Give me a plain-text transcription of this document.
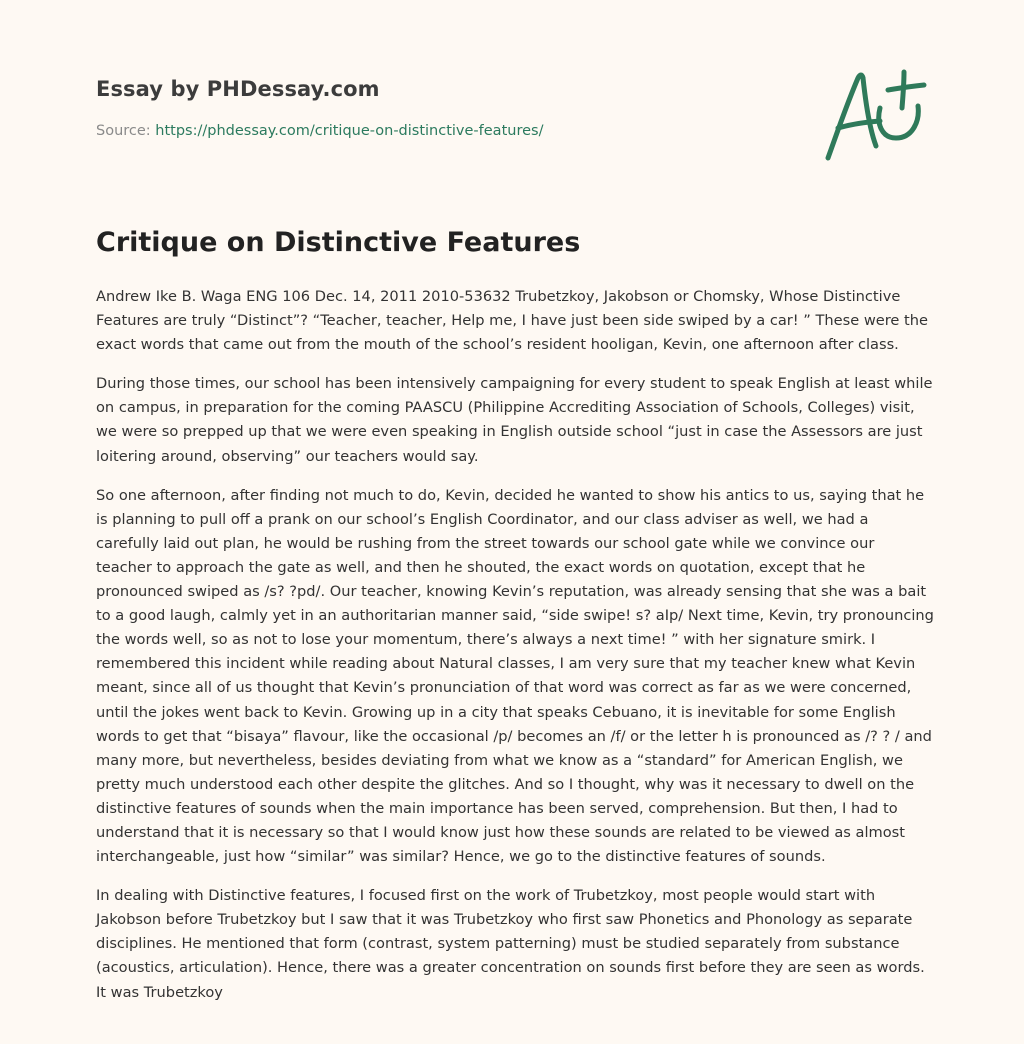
Essay by PHDessay.com
Source: https://phdessay.com/critique-on-distinctive-features/
Critique on Distinctive Features

Andrew Ike B. Waga ENG 106 Dec. 14, 2011 2010-53632 Trubetzkoy, Jakobson or Chomsky, Whose Distinctive Features are truly “Distinct”? “Teacher, teacher, Help me, I have just been side swiped by a car! ” These were the exact words that came out from the mouth of the school’s resident hooligan, Kevin, one afternoon after class.

During those times, our school has been intensively campaigning for every student to speak English at least while on campus, in preparation for the coming PAASCU (Philippine Accrediting Association of Schools, Colleges) visit, we were so prepped up that we were even speaking in English outside school “just in case the Assessors are just loitering around, observing” our teachers would say.

So one afternoon, after finding not much to do, Kevin, decided he wanted to show his antics to us, saying that he is planning to pull off a prank on our school’s English Coordinator, and our class adviser as well, we had a carefully laid out plan, he would be rushing from the street towards our school gate while we convince our teacher to approach the gate as well, and then he shouted, the exact words on quotation, except that he pronounced swiped as /s? ?pd/. Our teacher, knowing Kevin’s reputation, was already sensing that she was a bait to a good laugh, calmly yet in an authoritarian manner said, “side swipe! s? aIp/ Next time, Kevin, try pronouncing the words well, so as not to lose your momentum, there’s always a next time! ” with her signature smirk. I remembered this incident while reading about Natural classes, I am very sure that my teacher knew what Kevin meant, since all of us thought that Kevin’s pronunciation of that word was correct as far as we were concerned, until the jokes went back to Kevin. Growing up in a city that speaks Cebuano, it is inevitable for some English words to get that “bisaya” flavour, like the occasional /p/ becomes an /f/ or the letter h is pronounced as /? ? / and many more, but nevertheless, besides deviating from what we know as a “standard” for American English, we pretty much understood each other despite the glitches. And so I thought, why was it necessary to dwell on the distinctive features of sounds when the main importance has been served, comprehension. But then, I had to understand that it is necessary so that I would know just how these sounds are related to be viewed as almost interchangeable, just how “similar” was similar? Hence, we go to the distinctive features of sounds.

In dealing with Distinctive features, I focused first on the work of Trubetzkoy, most people would start with Jakobson before Trubetzkoy but I saw that it was Trubetzkoy who first saw Phonetics and Phonology as separate disciplines. He mentioned that form (contrast, system patterning) must be studied separately from substance (acoustics, articulation). Hence, there was a greater concentration on sounds first before they are seen as words. It was Trubetzkoy
